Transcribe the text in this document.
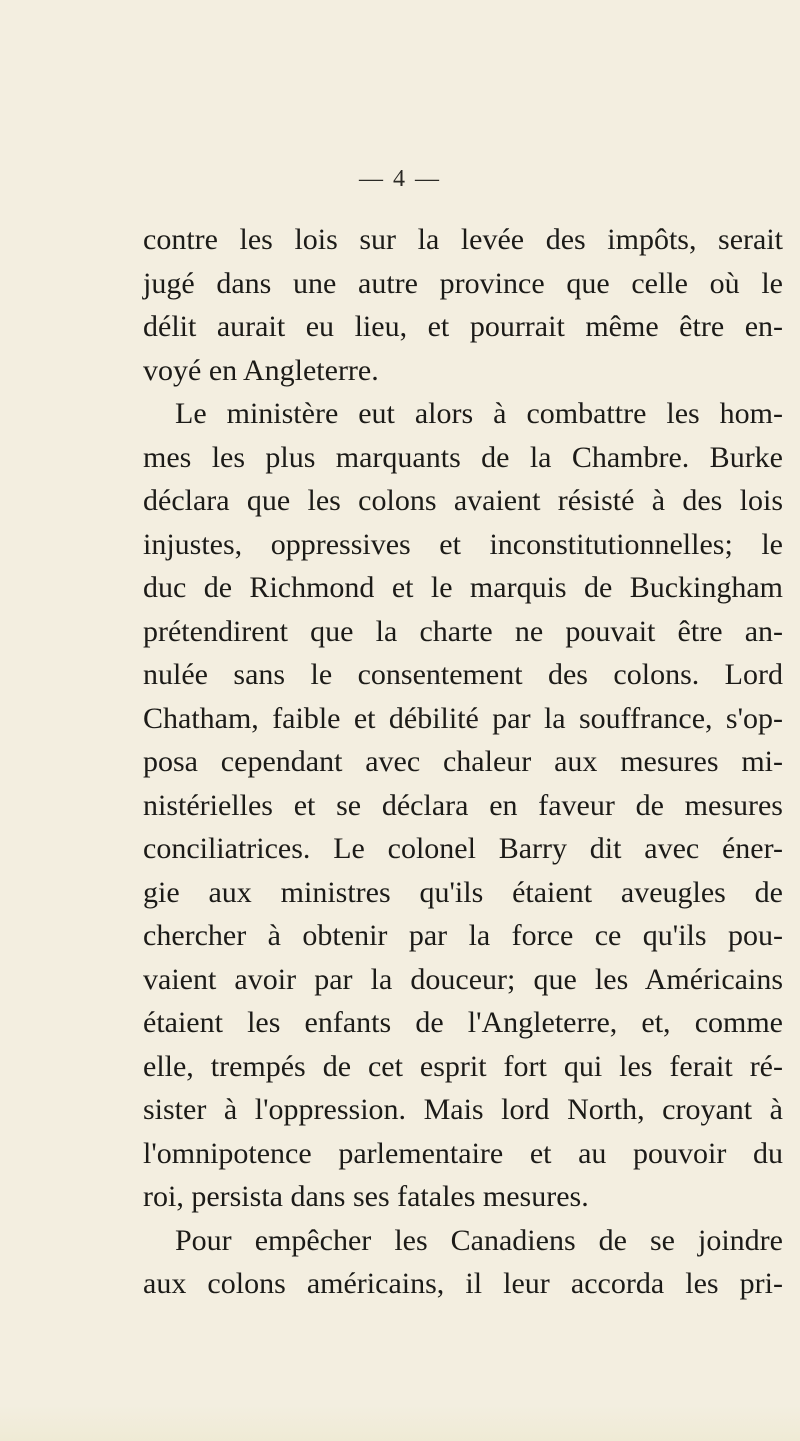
— 4 —
contre les lois sur la levée des impôts, serait
jugé dans une autre province que celle où le
délit aurait eu lieu, et pourrait même être en-
voyé en Angleterre.
Le ministère eut alors à combattre les hom-
mes les plus marquants de la Chambre. Burke
déclara que les colons avaient résisté à des lois
injustes, oppressives et inconstitutionnelles; le
duc de Richmond et le marquis de Buckingham
prétendirent que la charte ne pouvait être an-
nulée sans le consentement des colons. Lord
Chatham, faible et débilité par la souffrance, s'op-
posa cependant avec chaleur aux mesures mi-
nistérielles et se déclara en faveur de mesures
conciliatrices. Le colonel Barry dit avec éner-
gie aux ministres qu'ils étaient aveugles de
chercher à obtenir par la force ce qu'ils pou-
vaient avoir par la douceur; que les Américains
étaient les enfants de l'Angleterre, et, comme
elle, trempés de cet esprit fort qui les ferait ré-
sister à l'oppression. Mais lord North, croyant à
l'omnipotence parlementaire et au pouvoir du
roi, persista dans ses fatales mesures.
Pour empêcher les Canadiens de se joindre
aux colons américains, il leur accorda les pri-
